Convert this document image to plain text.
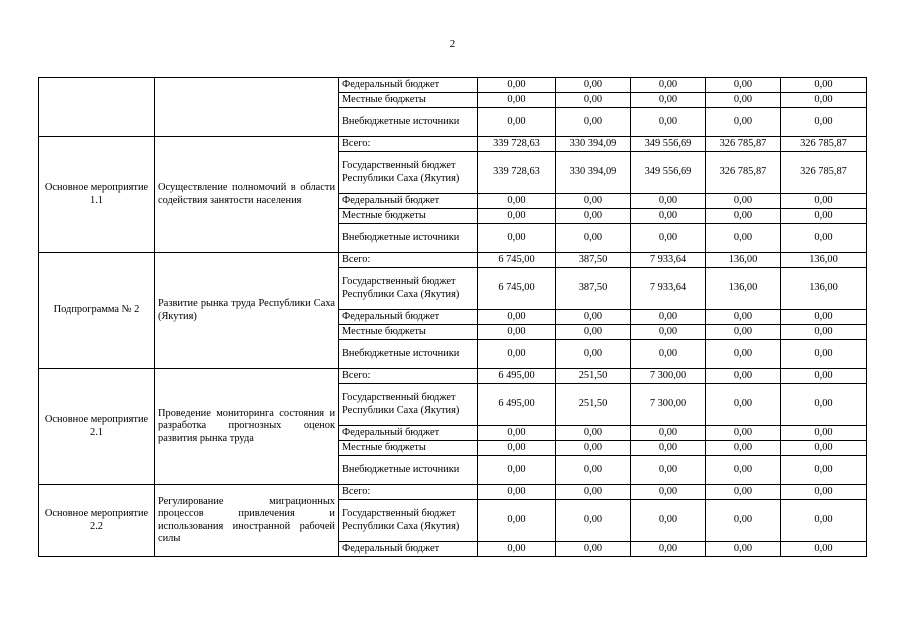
2
		Федеральный бюджет	0,00	0,00	0,00	0,00	0,00
		Местные бюджеты	0,00	0,00	0,00	0,00	0,00
		Внебюджетные источники	0,00	0,00	0,00	0,00	0,00
Основное мероприятие 1.1	Осуществление полномочий в области содействия занятости населения	Всего:	339 728,63	330 394,09	349 556,69	326 785,87	326 785,87
		Государственный бюджет Республики Саха (Якутия)	339 728,63	330 394,09	349 556,69	326 785,87	326 785,87
		Федеральный бюджет	0,00	0,00	0,00	0,00	0,00
		Местные бюджеты	0,00	0,00	0,00	0,00	0,00
		Внебюджетные источники	0,00	0,00	0,00	0,00	0,00
Подпрограмма № 2	Развитие рынка труда Республики Саха (Якутия)	Всего:	6 745,00	387,50	7 933,64	136,00	136,00
		Государственный бюджет Республики Саха (Якутия)	6 745,00	387,50	7 933,64	136,00	136,00
		Федеральный бюджет	0,00	0,00	0,00	0,00	0,00
		Местные бюджеты	0,00	0,00	0,00	0,00	0,00
		Внебюджетные источники	0,00	0,00	0,00	0,00	0,00
Основное мероприятие 2.1	Проведение мониторинга состояния и разработка прогнозных оценок развития рынка труда	Всего:	6 495,00	251,50	7 300,00	0,00	0,00
		Государственный бюджет Республики Саха (Якутия)	6 495,00	251,50	7 300,00	0,00	0,00
		Федеральный бюджет	0,00	0,00	0,00	0,00	0,00
		Местные бюджеты	0,00	0,00	0,00	0,00	0,00
		Внебюджетные источники	0,00	0,00	0,00	0,00	0,00
Основное мероприятие 2.2	Регулирование миграционных процессов привлечения и использования иностранной рабочей силы	Всего:	0,00	0,00	0,00	0,00	0,00
		Государственный бюджет Республики Саха (Якутия)	0,00	0,00	0,00	0,00	0,00
		Федеральный бюджет	0,00	0,00	0,00	0,00	0,00
